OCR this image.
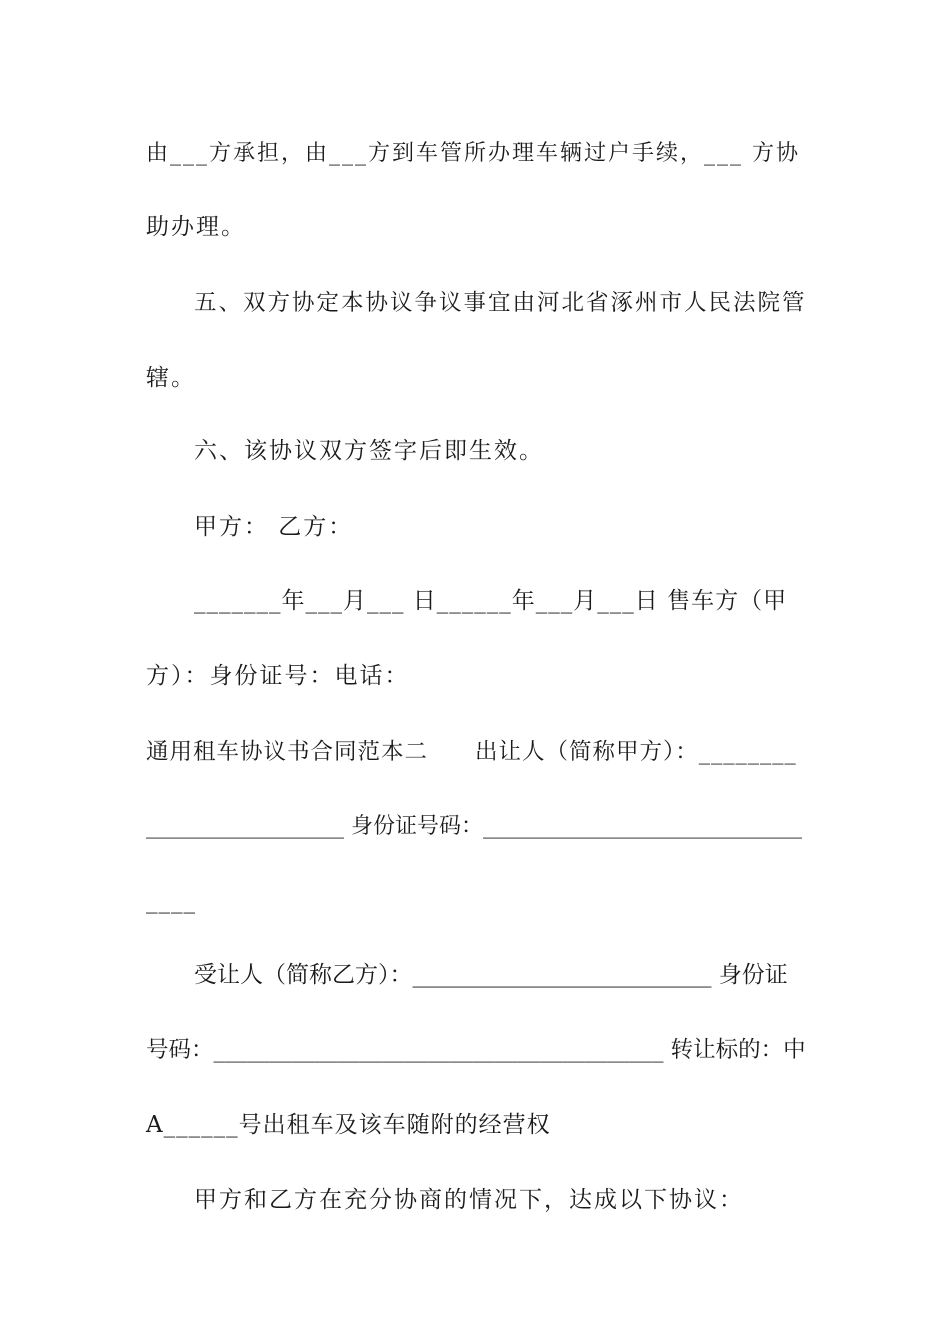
由___方承担，由___方到车管所办理车辆过户手续，___ 方协
助办理。
五、双方协定本协议争议事宜由河北省涿州市人民法院管
辖。
六、该协议双方签字后即生效。
甲方： 乙方：
_______年___月___ 日______年___月___日 售车方（甲
方）：身份证号：电话：
通用租车协议书合同范本二　　出让人（简称甲方）：________
__________________ 身份证号码：_____________________________
____
受让人（简称乙方）：__________________________ 身份证
号码：________________________________________ 转让标的：中
A______号出租车及该车随附的经营权
甲方和乙方在充分协商的情况下，达成以下协议：
